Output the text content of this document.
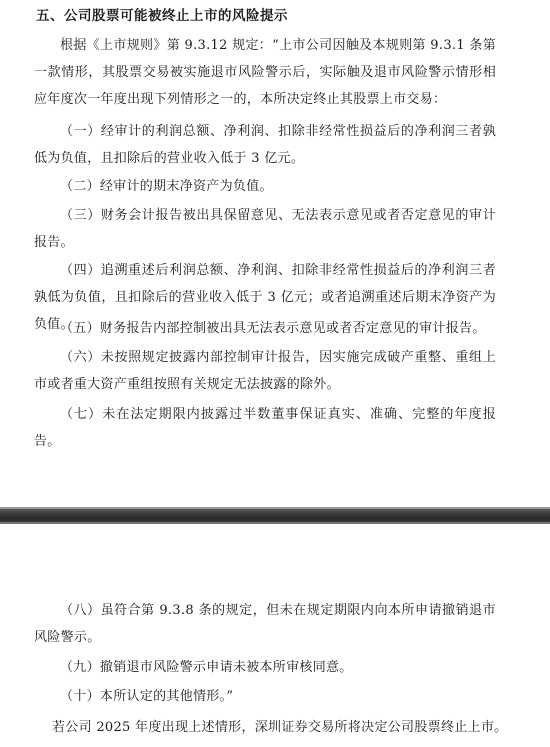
五、公司股票可能被终止上市的风险提示

根据《上市规则》第 9.3.12 规定：“上市公司因触及本规则第 9.3.1 条第一款情形，其股票交易被实施退市风险警示后，实际触及退市风险警示情形相应年度次一年度出现下列情形之一的，本所决定终止其股票上市交易：

（一）经审计的利润总额、净利润、扣除非经常性损益后的净利润三者孰低为负值，且扣除后的营业收入低于 3 亿元。

（二）经审计的期末净资产为负值。

（三）财务会计报告被出具保留意见、无法表示意见或者否定意见的审计报告。

（四）追溯重述后利润总额、净利润、扣除非经常性损益后的净利润三者孰低为负值，且扣除后的营业收入低于 3 亿元；或者追溯重述后期末净资产为负值。

（五）财务报告内部控制被出具无法表示意见或者否定意见的审计报告。

（六）未按照规定披露内部控制审计报告，因实施完成破产重整、重组上市或者重大资产重组按照有关规定无法披露的除外。

（七）未在法定期限内披露过半数董事保证真实、准确、完整的年度报告。

（八）虽符合第 9.3.8 条的规定，但未在规定期限内向本所申请撤销退市风险警示。

（九）撤销退市风险警示申请未被本所审核同意。

（十）本所认定的其他情形。”

若公司 2025 年度出现上述情形，深圳证券交易所将决定公司股票终止上市。
